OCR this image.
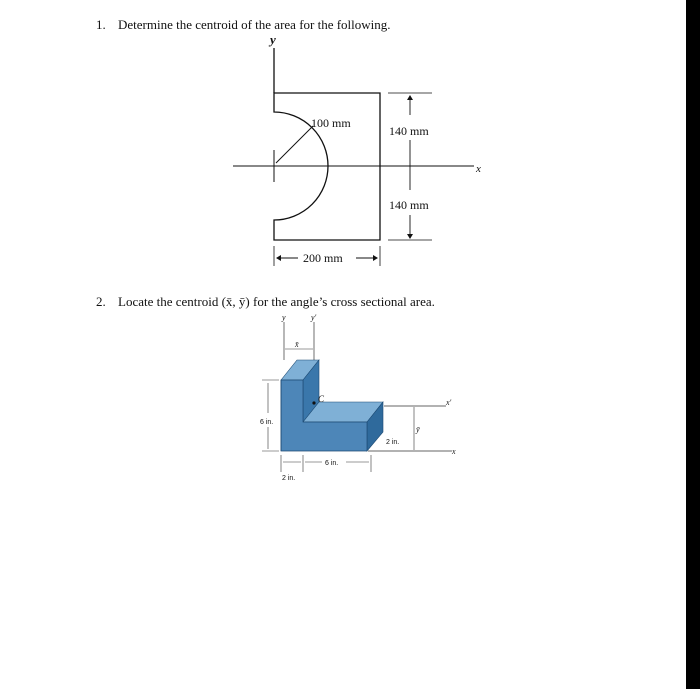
1. Determine the centroid of the area for the following.
y
x
100 mm
140 mm
140 mm
200 mm
2. Locate the centroid (x̄, ȳ) for the angle’s cross sectional area.
y	y'
x̄
C	x'
x
ȳ
6 in.
2 in.
6 in.
2 in.
